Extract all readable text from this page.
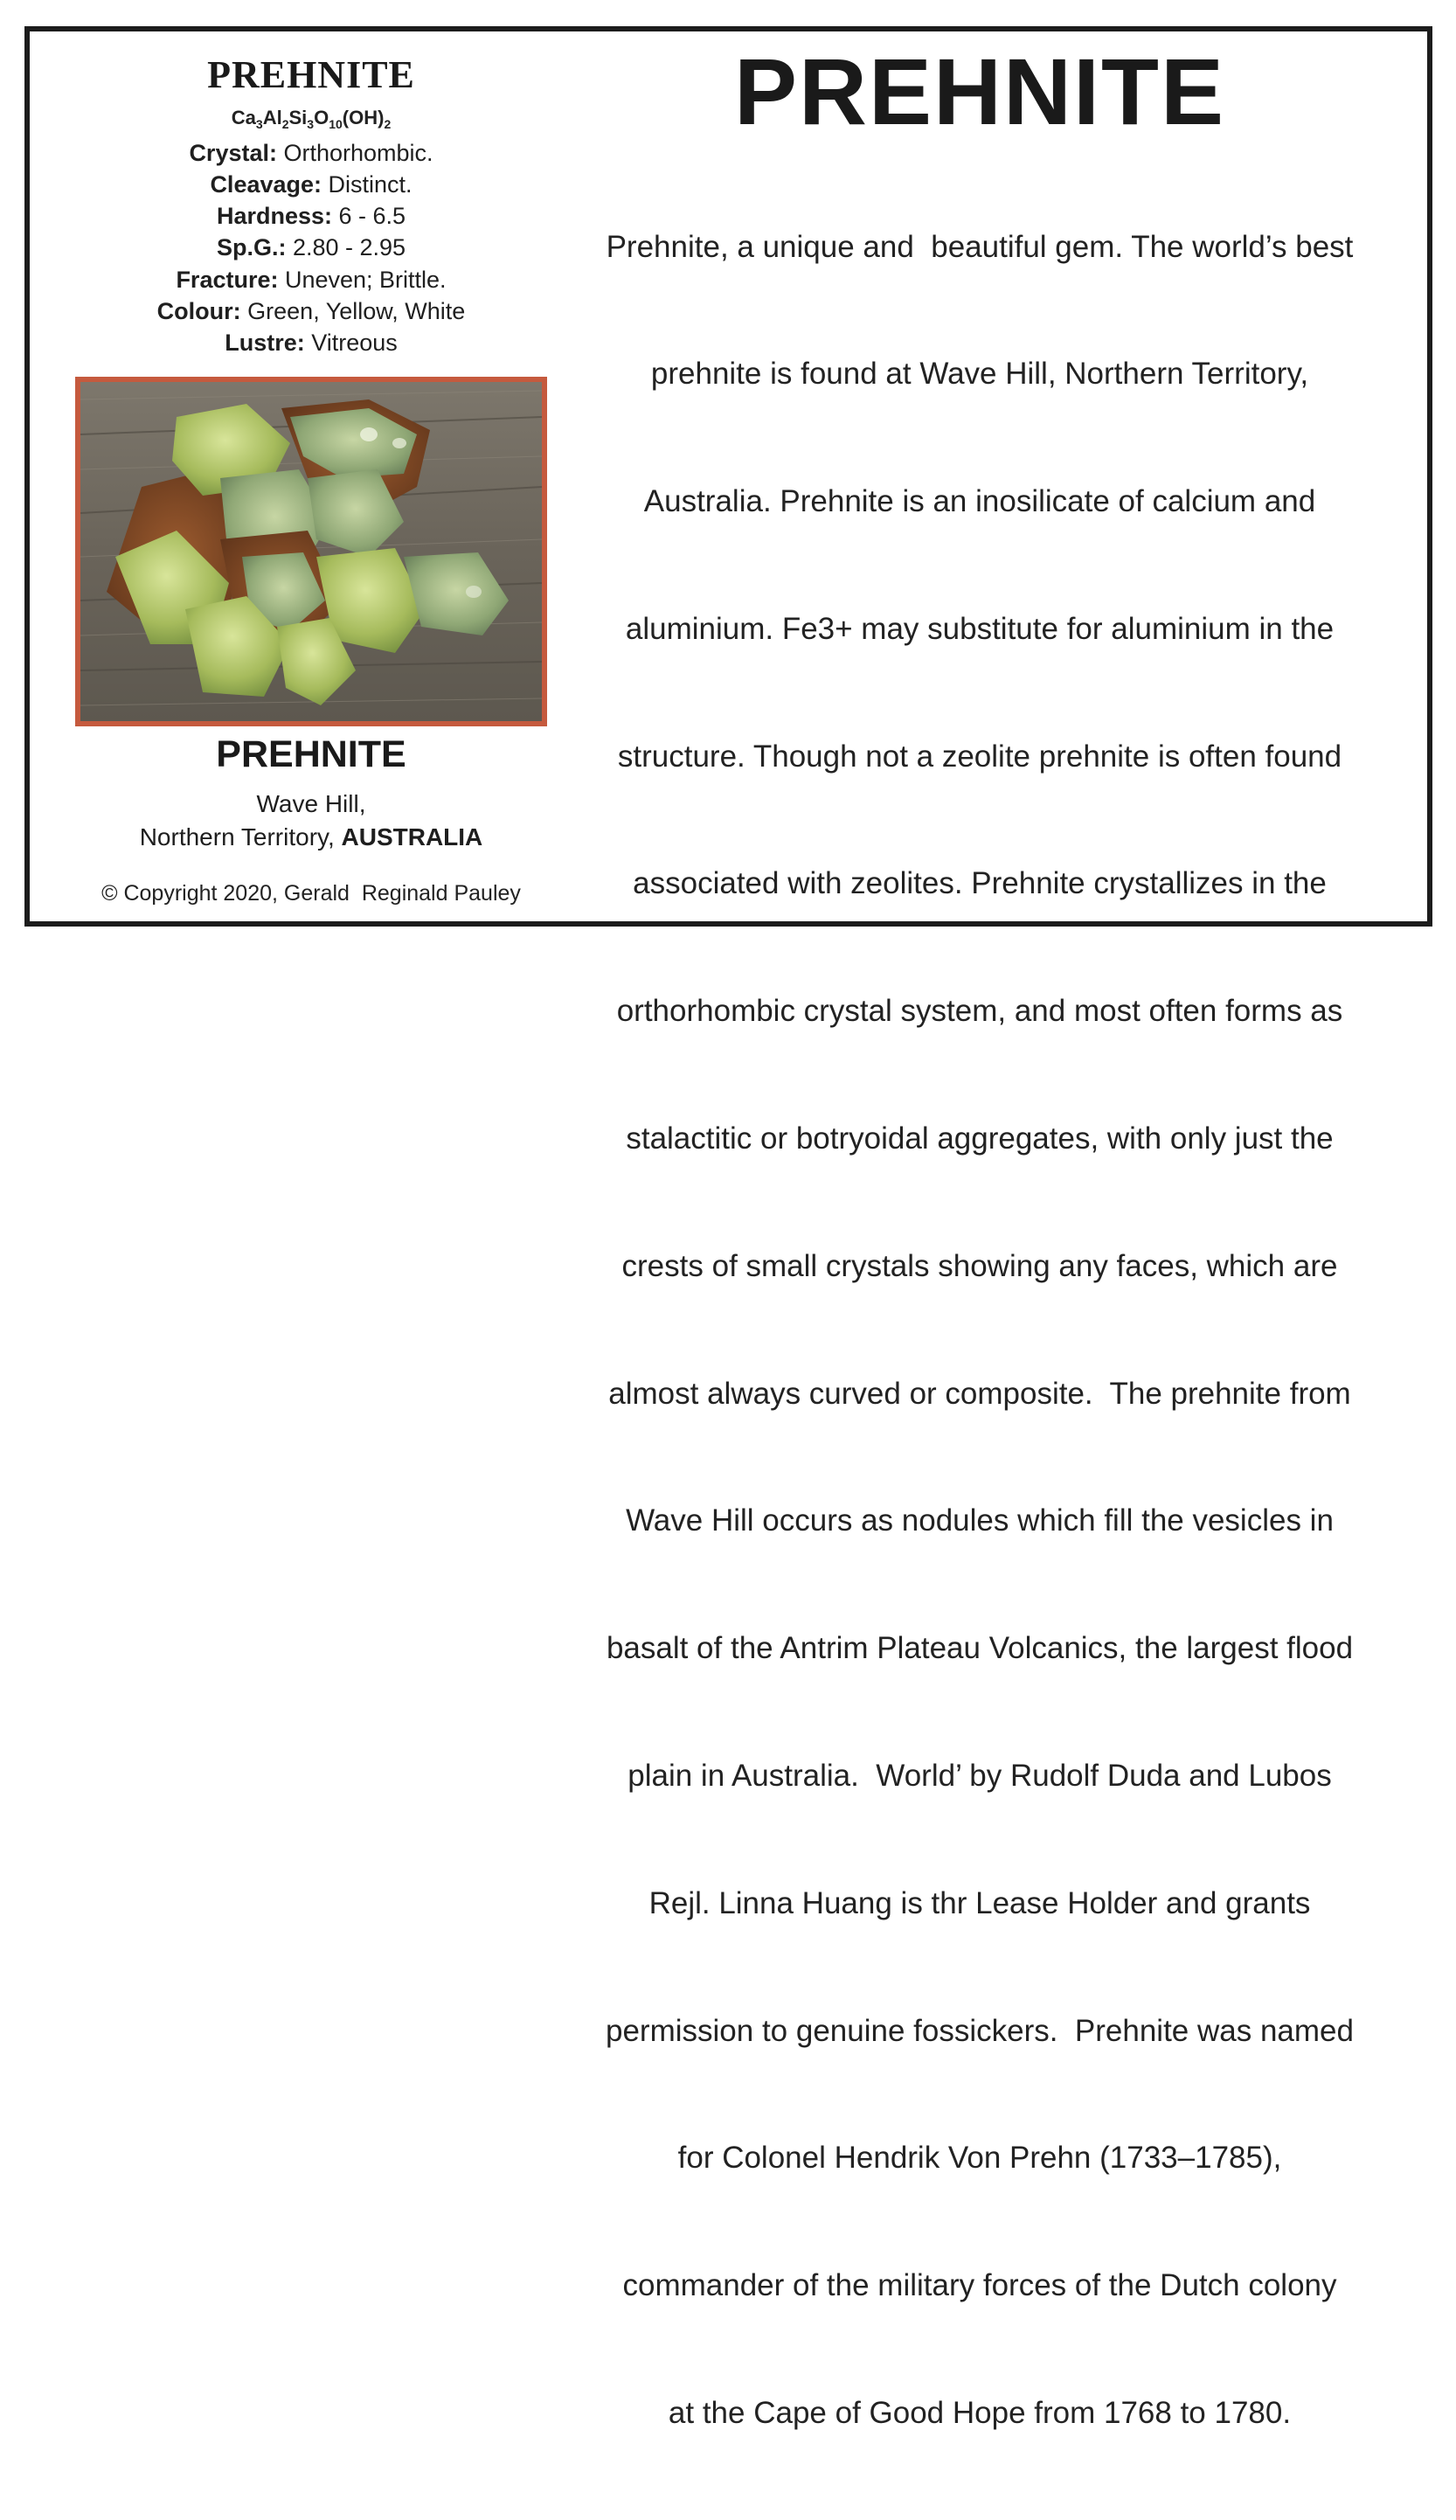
PREHNITE
$Ca_3Al_2Si_3O_{10}(OH)_2$
Crystal: Orthorhombic.
Cleavage: Distinct.
Hardness: 6 - 6.5
Sp.G.: 2.80 - 2.95
Fracture: Uneven; Brittle.
Colour: Green, Yellow, White
Lustre: Vitreous
PREHNITE
Wave Hill,
Northern Territory, AUSTRALIA
© Copyright 2020, Gerald  Reginald Pauley
PREHNITE

Prehnite, a unique and  beautiful gem. The world’s best

prehnite is found at Wave Hill, Northern Territory,

Australia. Prehnite is an inosilicate of calcium and

aluminium. Fe3+ may substitute for aluminium in the

structure. Though not a zeolite prehnite is often found

associated with zeolites. Prehnite crystallizes in the

orthorhombic crystal system, and most often forms as

stalactitic or botryoidal aggregates, with only just the

crests of small crystals showing any faces, which are

almost always curved or composite.  The prehnite from

Wave Hill occurs as nodules which fill the vesicles in

basalt of the Antrim Plateau Volcanics, the largest flood

plain in Australia.  World’ by Rudolf Duda and Lubos

Rejl. Linna Huang is thr Lease Holder and grants

permission to genuine fossickers.  Prehnite was named

for Colonel Hendrik Von Prehn (1733–1785),

commander of the military forces of the Dutch colony

at the Cape of Good Hope from 1768 to 1780.
